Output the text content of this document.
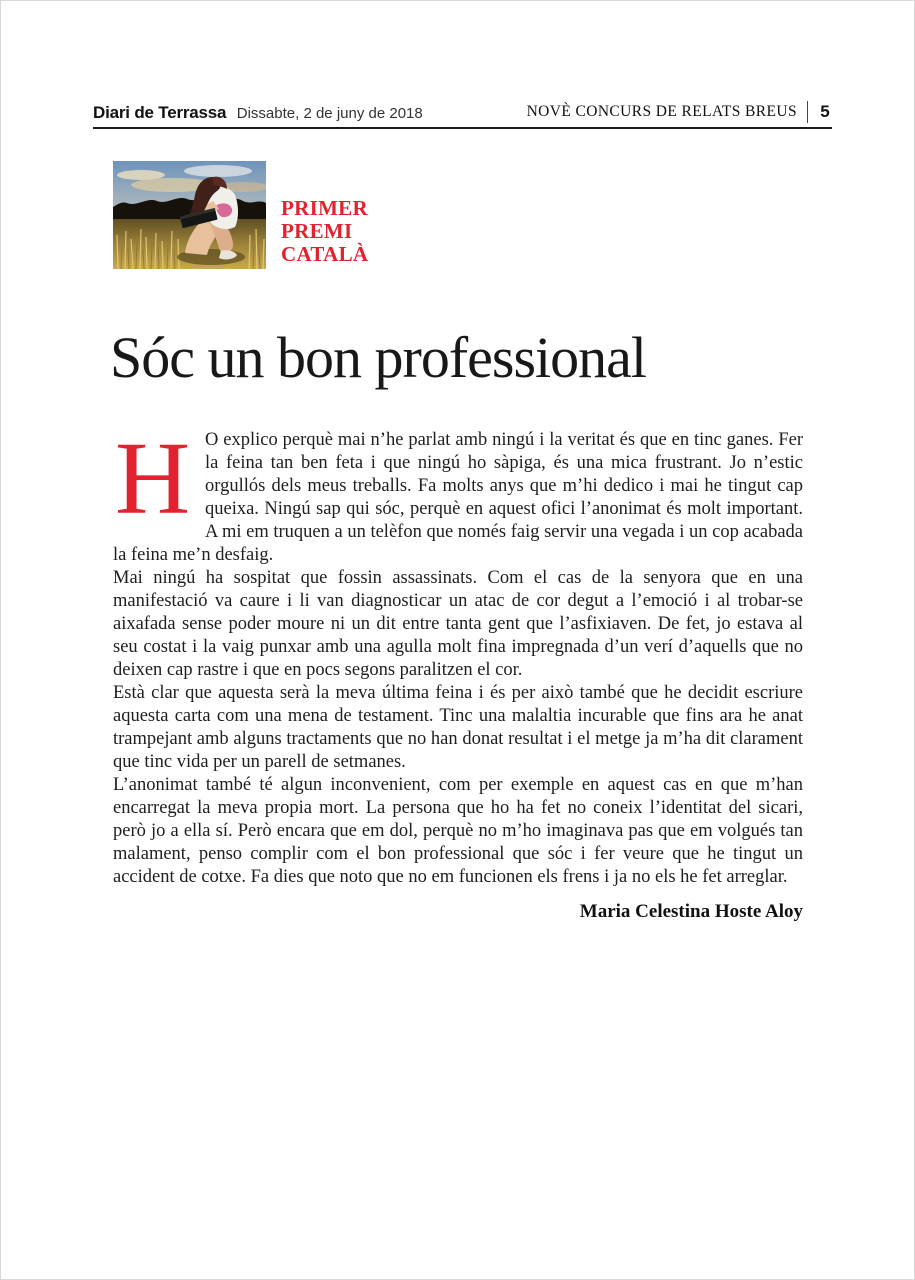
Diari de Terrassa Dissabte, 2 de juny de 2018	NOVÈ CONCURS DE RELATS BREUS 5
PRIMER
PREMI
CATALÀ
Sóc un bon professional

H O explico perquè mai n’he parlat amb ningú i la veritat és que en tinc ganes. Fer la feina tan ben feta i que ningú ho sàpiga, és una mica frustrant. Jo n’estic orgullós dels meus treballs. Fa molts anys que m’hi dedico i mai he tingut cap queixa. Ningú sap qui sóc, perquè en aquest ofici l’anonimat és molt important. A mi em truquen a un telèfon que només faig servir una vegada i un cop acabada la feina me’n desfaig.

Mai ningú ha sospitat que fossin assassinats. Com el cas de la senyora que en una manifestació va caure i li van diagnosticar un atac de cor degut a l’emoció i al trobar-se aixafada sense poder moure ni un dit entre tanta gent que l’asfixiaven. De fet, jo estava al seu costat i la vaig punxar amb una agulla molt fina impregnada d’un verí d’aquells que no deixen cap rastre i que en pocs segons paralitzen el cor.

Està clar que aquesta serà la meva última feina i és per això també que he decidit escriure aquesta carta com una mena de testament. Tinc una malaltia incurable que fins ara he anat trampejant amb alguns tractaments que no han donat resultat i el metge ja m’ha dit clarament que tinc vida per un parell de setmanes.

L’anonimat també té algun inconvenient, com per exemple en aquest cas en que m’han encarregat la meva propia mort. La persona que ho ha fet no coneix l’identitat del sicari, però jo a ella sí. Però encara que em dol, perquè no m’ho imaginava pas que em volgués tan malament, penso complir com el bon professional que sóc i fer veure que he tingut un accident de cotxe. Fa dies que noto que no em funcionen els frens i ja no els he fet arreglar.

Maria Celestina Hoste Aloy
